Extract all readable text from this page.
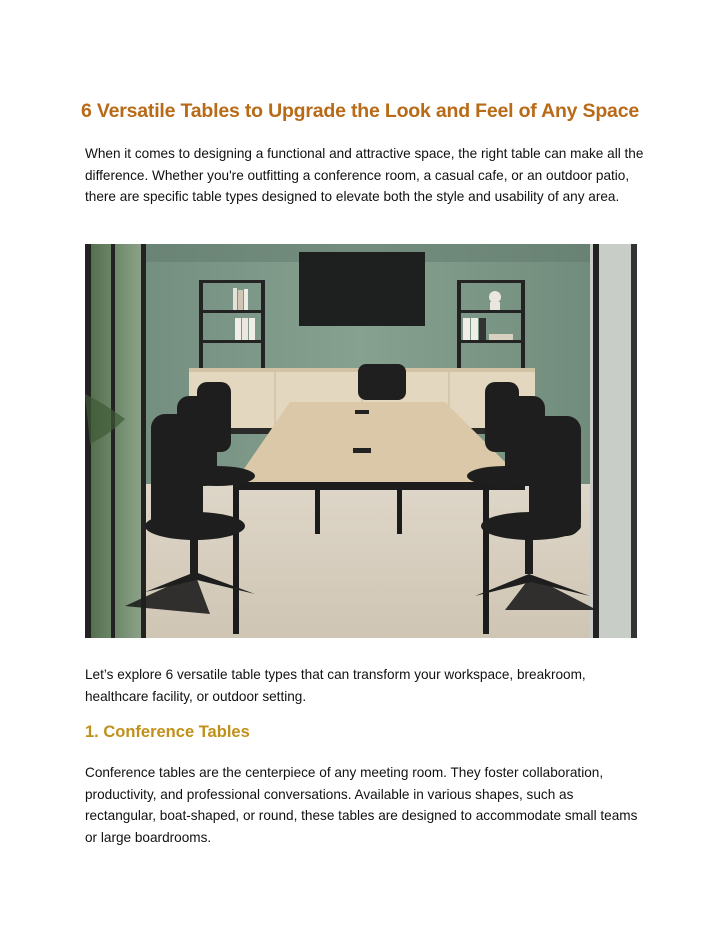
6 Versatile Tables to Upgrade the Look and Feel of Any Space
When it comes to designing a functional and attractive space, the right table can make all the difference. Whether you're outfitting a conference room, a casual cafe, or an outdoor patio, there are specific table types designed to elevate both the style and usability of any area.
Let’s explore 6 versatile table types that can transform your workspace, breakroom, healthcare facility, or outdoor setting.
1. Conference Tables
Conference tables are the centerpiece of any meeting room. They foster collaboration, productivity, and professional conversations. Available in various shapes, such as rectangular, boat-shaped, or round, these tables are designed to accommodate small teams or large boardrooms.
